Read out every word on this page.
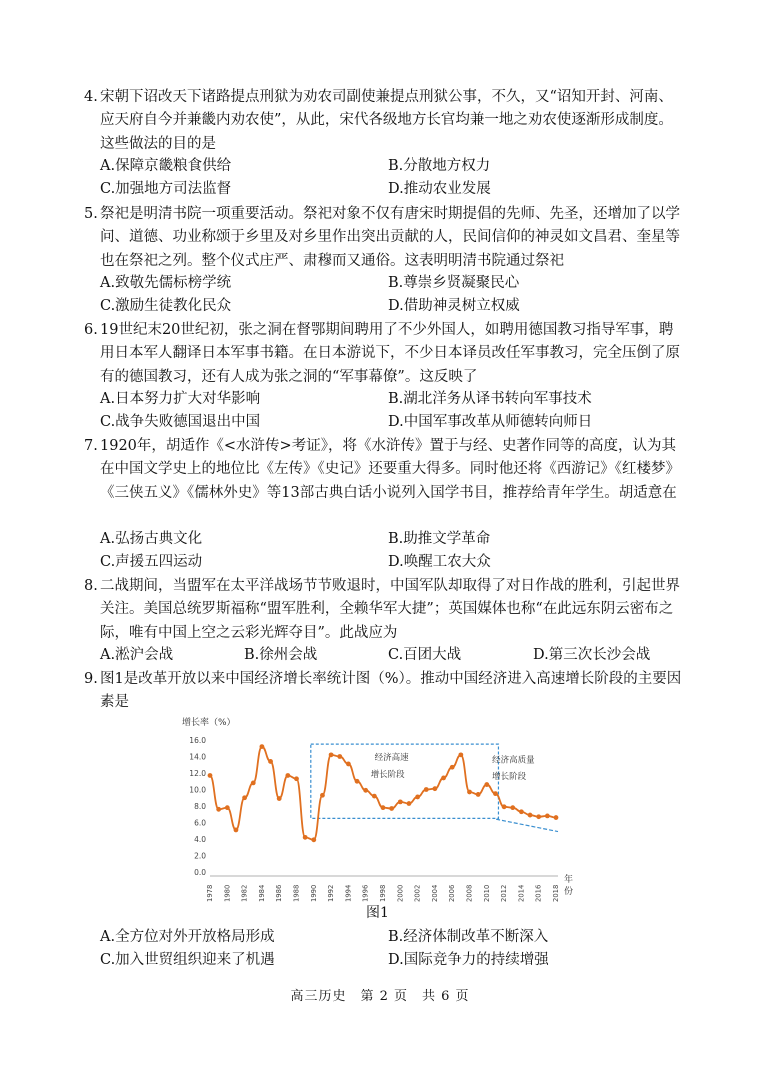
4. 宋朝下诏改天下诸路提点刑狱为劝农司副使兼提点刑狱公事，不久，又“诏知开封、河南、应天府自今并兼畿内劝农使”，从此，宋代各级地方长官均兼一地之劝农使逐渐形成制度。这些做法的目的是

A.保障京畿粮食供给	B.分散地方权力
C.加强地方司法监督	D.推动农业发展
5. 祭祀是明清书院一项重要活动。祭祀对象不仅有唐宋时期提倡的先师、先圣，还增加了以学问、道德、功业称颂于乡里及对乡里作出突出贡献的人，民间信仰的神灵如文昌君、奎星等也在祭祀之列。整个仪式庄严、肃穆而又通俗。这表明明清书院通过祭祀

A.致敬先儒标榜学统	B.尊崇乡贤凝聚民心
C.激励生徒教化民众	D.借助神灵树立权威
6. 19世纪末20世纪初，张之洞在督鄂期间聘用了不少外国人，如聘用德国教习指导军事，聘用日本军人翻译日本军事书籍。在日本游说下，不少日本译员改任军事教习，完全压倒了原有的德国教习，还有人成为张之洞的“军事幕僚”。这反映了

A.日本努力扩大对华影响	B.湖北洋务从译书转向军事技术
C.战争失败德国退出中国	D.中国军事改革从师德转向师日
7. 1920年，胡适作《<水浒传>考证》，将《水浒传》置于与经、史著作同等的高度，认为其在中国文学史上的地位比《左传》《史记》还要重大得多。同时他还将《西游记》《红楼梦》《三侠五义》《儒林外史》等13部古典白话小说列入国学书目，推荐给青年学生。胡适意在

A.弘扬古典文化	B.助推文学革命
C.声援五四运动	D.唤醒工农大众
8. 二战期间，当盟军在太平洋战场节节败退时，中国军队却取得了对日作战的胜利，引起世界关注。美国总统罗斯福称“盟军胜利，全赖华军大捷”；英国媒体也称“在此远东阴云密布之际，唯有中国上空之云彩光辉夺目”。此战应为

A.淞沪会战	B.徐州会战	C.百团大战	D.第三次长沙会战
9. 图1是改革开放以来中国经济增长率统计图（%）。推动中国经济进入高速增长阶段的主要因素是

增长率（%）
0.0
2.0
4.0
6.0
8.0
10.0
12.0
14.0
16.0
1978 1980 1982 1984 1986 1988 1990 1992 1994 1996 1998 2000 2002 2004 2006 2008 2010 2012 2014 2016 2018
年
份
经济高速
增长阶段
经济高质量
增长阶段
图1
A.全方位对外开放格局形成	B.经济体制改革不断深入
C.加入世贸组织迎来了机遇	D.国际竞争力的持续增强
高三历史　第 2 页　共 6 页
